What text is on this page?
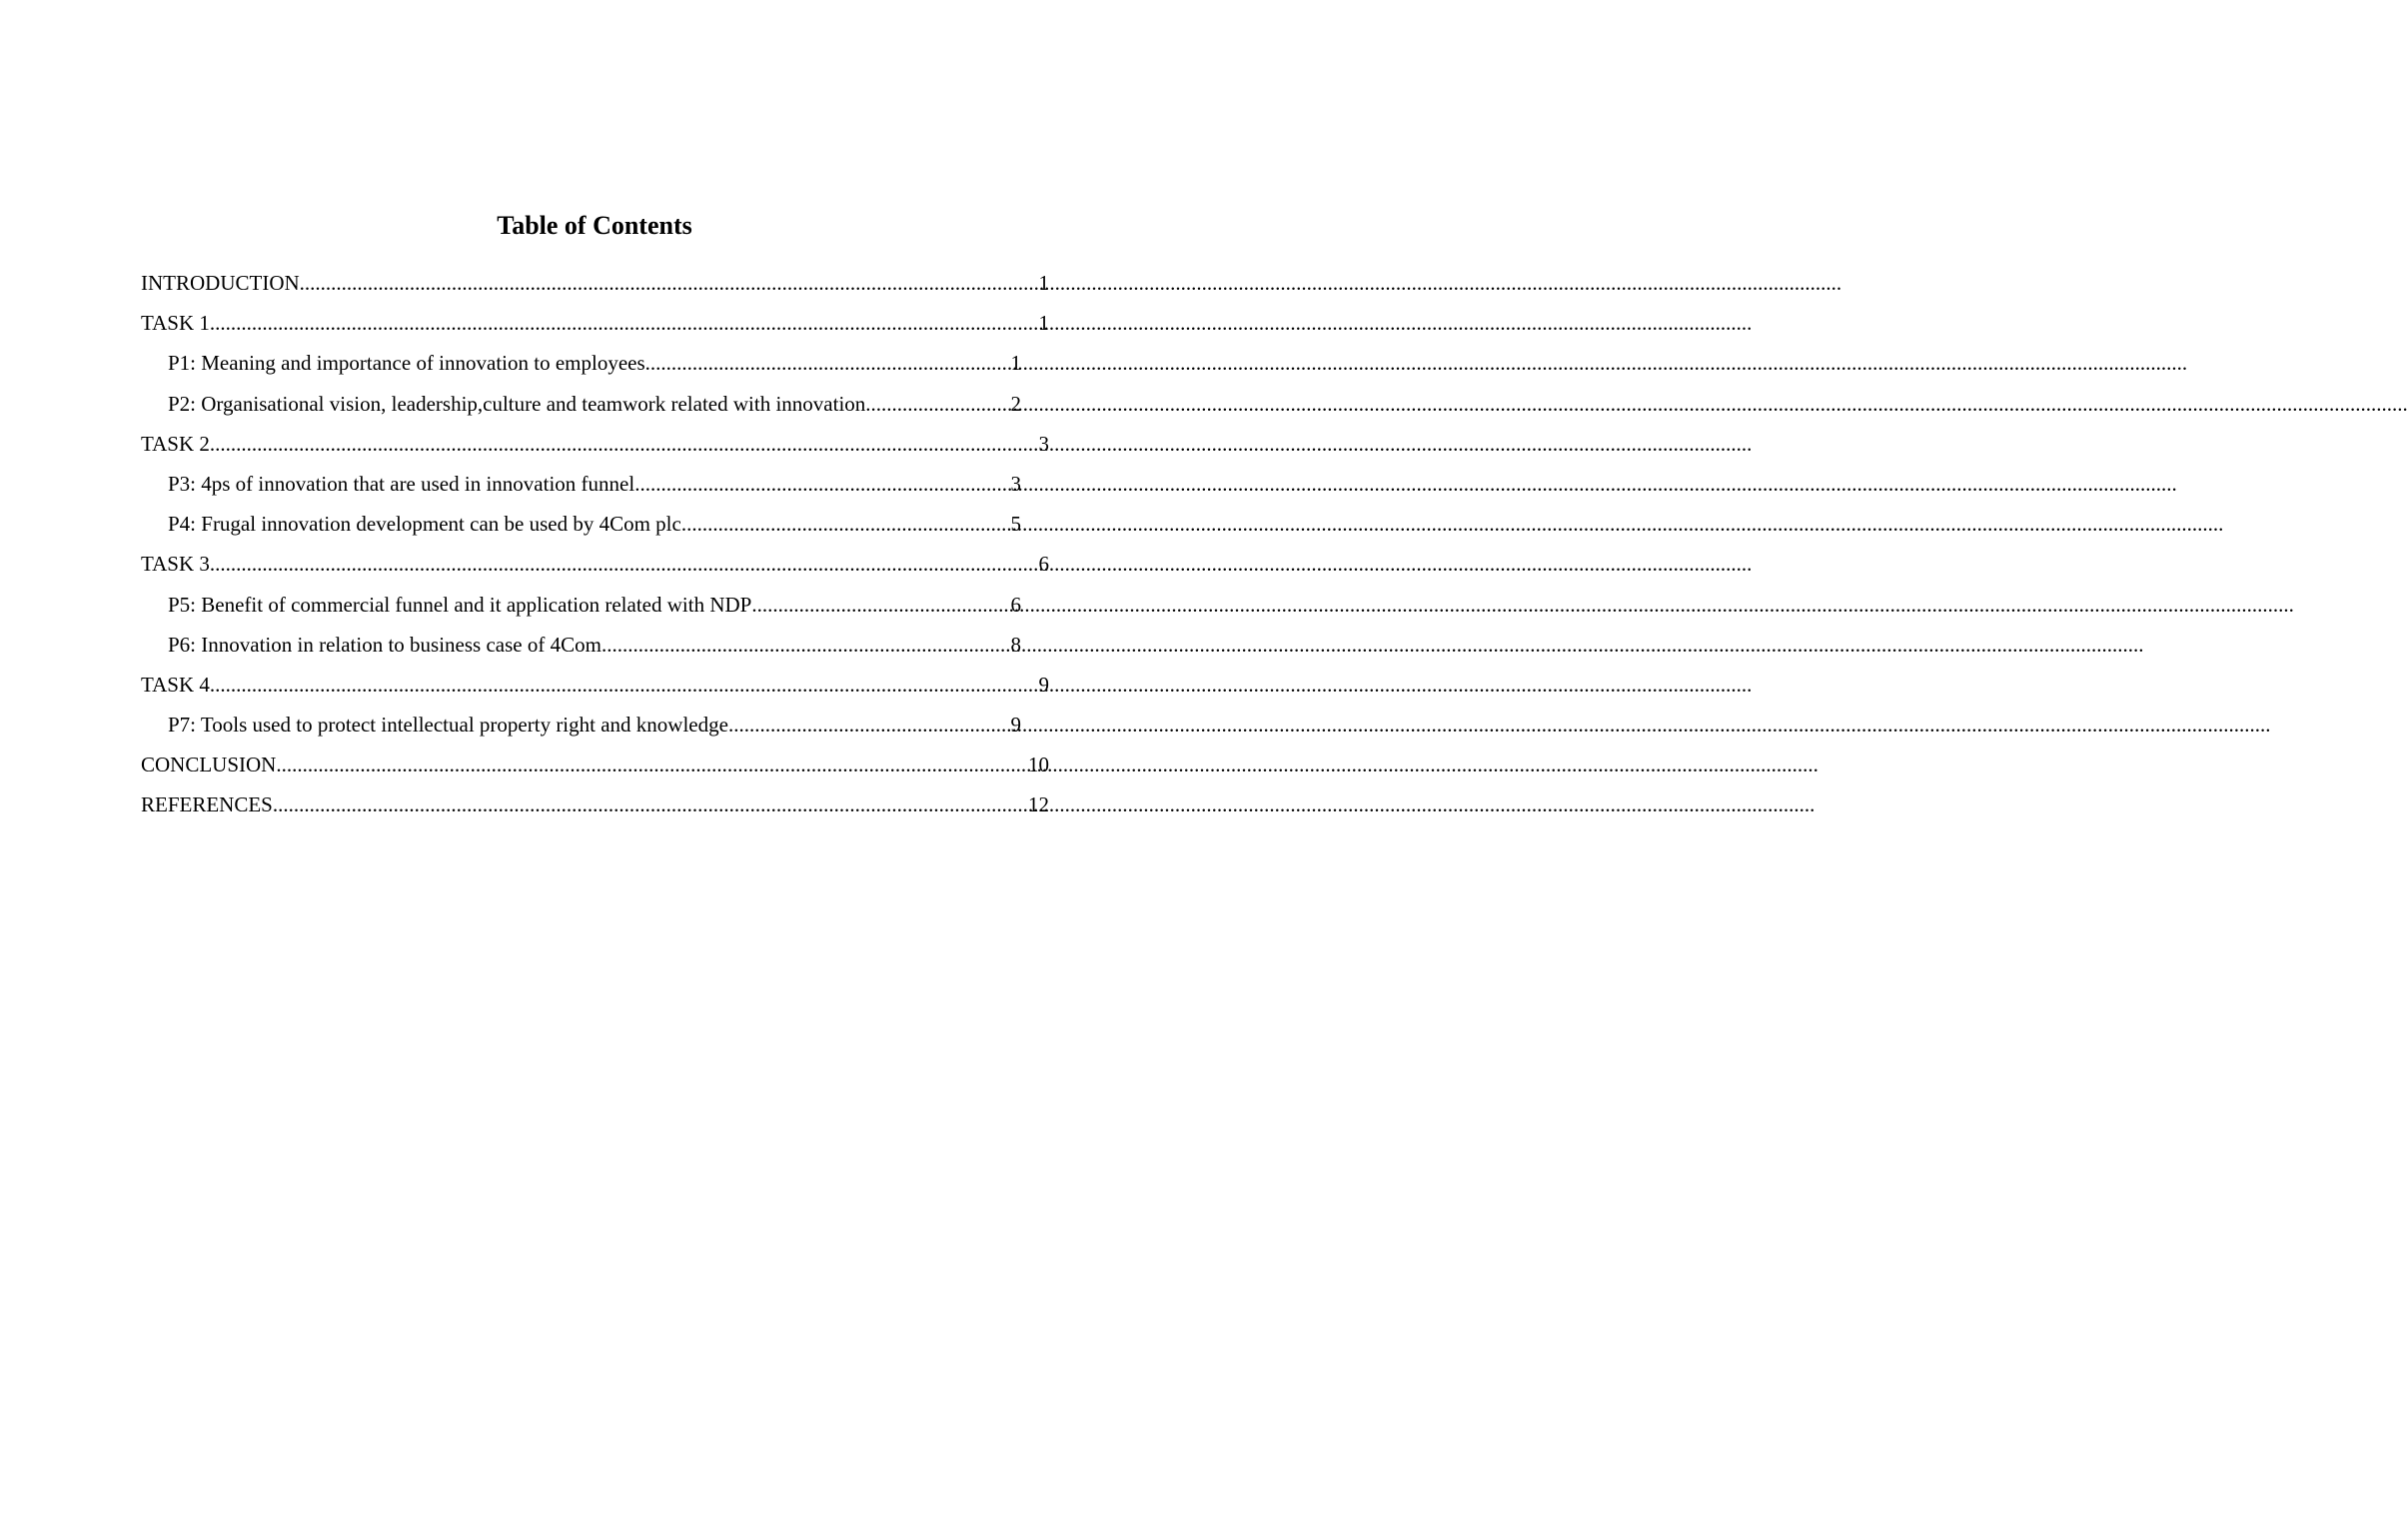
Table of Contents
INTRODUCTION .....	1
TASK 1 .....	1
P1: Meaning and importance of innovation to employees .....	1
P2: Organisational vision, leadership,culture and teamwork related with innovation .....	2
TASK 2 .....	3
P3: 4ps of innovation that are used in innovation funnel .....	3
P4: Frugal innovation development can be used by 4Com plc .....	5
TASK 3 .....	6
P5: Benefit of commercial funnel and it application related with NDP .....	6
P6: Innovation in relation to business case of 4Com .....	8
TASK 4 .....	9
P7: Tools used to protect intellectual property right and knowledge .....	9
CONCLUSION .....	10
REFERENCES .....	12
